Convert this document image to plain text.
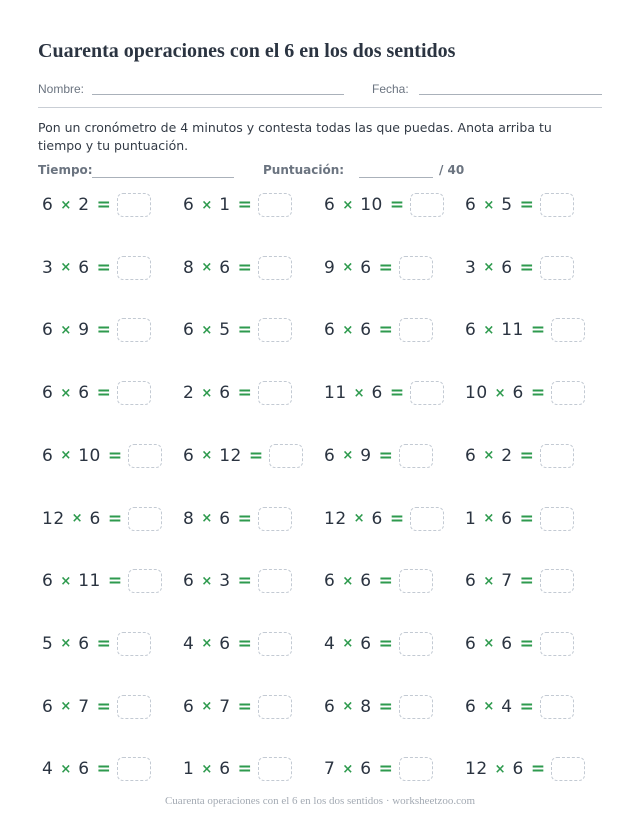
Cuarenta operaciones con el 6 en los dos sentidos
Nombre:	Fecha:
Pon un cronómetro de 4 minutos y contesta todas las que puedas. Anota arriba tu tiempo y tu puntuación.
Tiempo:	Puntuación:	/ 40
6 × 2 =	6 × 1 =	6 × 10 =	6 × 5 =
3 × 6 =	8 × 6 =	9 × 6 =	3 × 6 =
6 × 9 =	6 × 5 =	6 × 6 =	6 × 11 =
6 × 6 =	2 × 6 =	11 × 6 =	10 × 6 =
6 × 10 =	6 × 12 =	6 × 9 =	6 × 2 =
12 × 6 =	8 × 6 =	12 × 6 =	1 × 6 =
6 × 11 =	6 × 3 =	6 × 6 =	6 × 7 =
5 × 6 =	4 × 6 =	4 × 6 =	6 × 6 =
6 × 7 =	6 × 7 =	6 × 8 =	6 × 4 =
4 × 6 =	1 × 6 =	7 × 6 =	12 × 6 =
Cuarenta operaciones con el 6 en los dos sentidos · worksheetzoo.com
